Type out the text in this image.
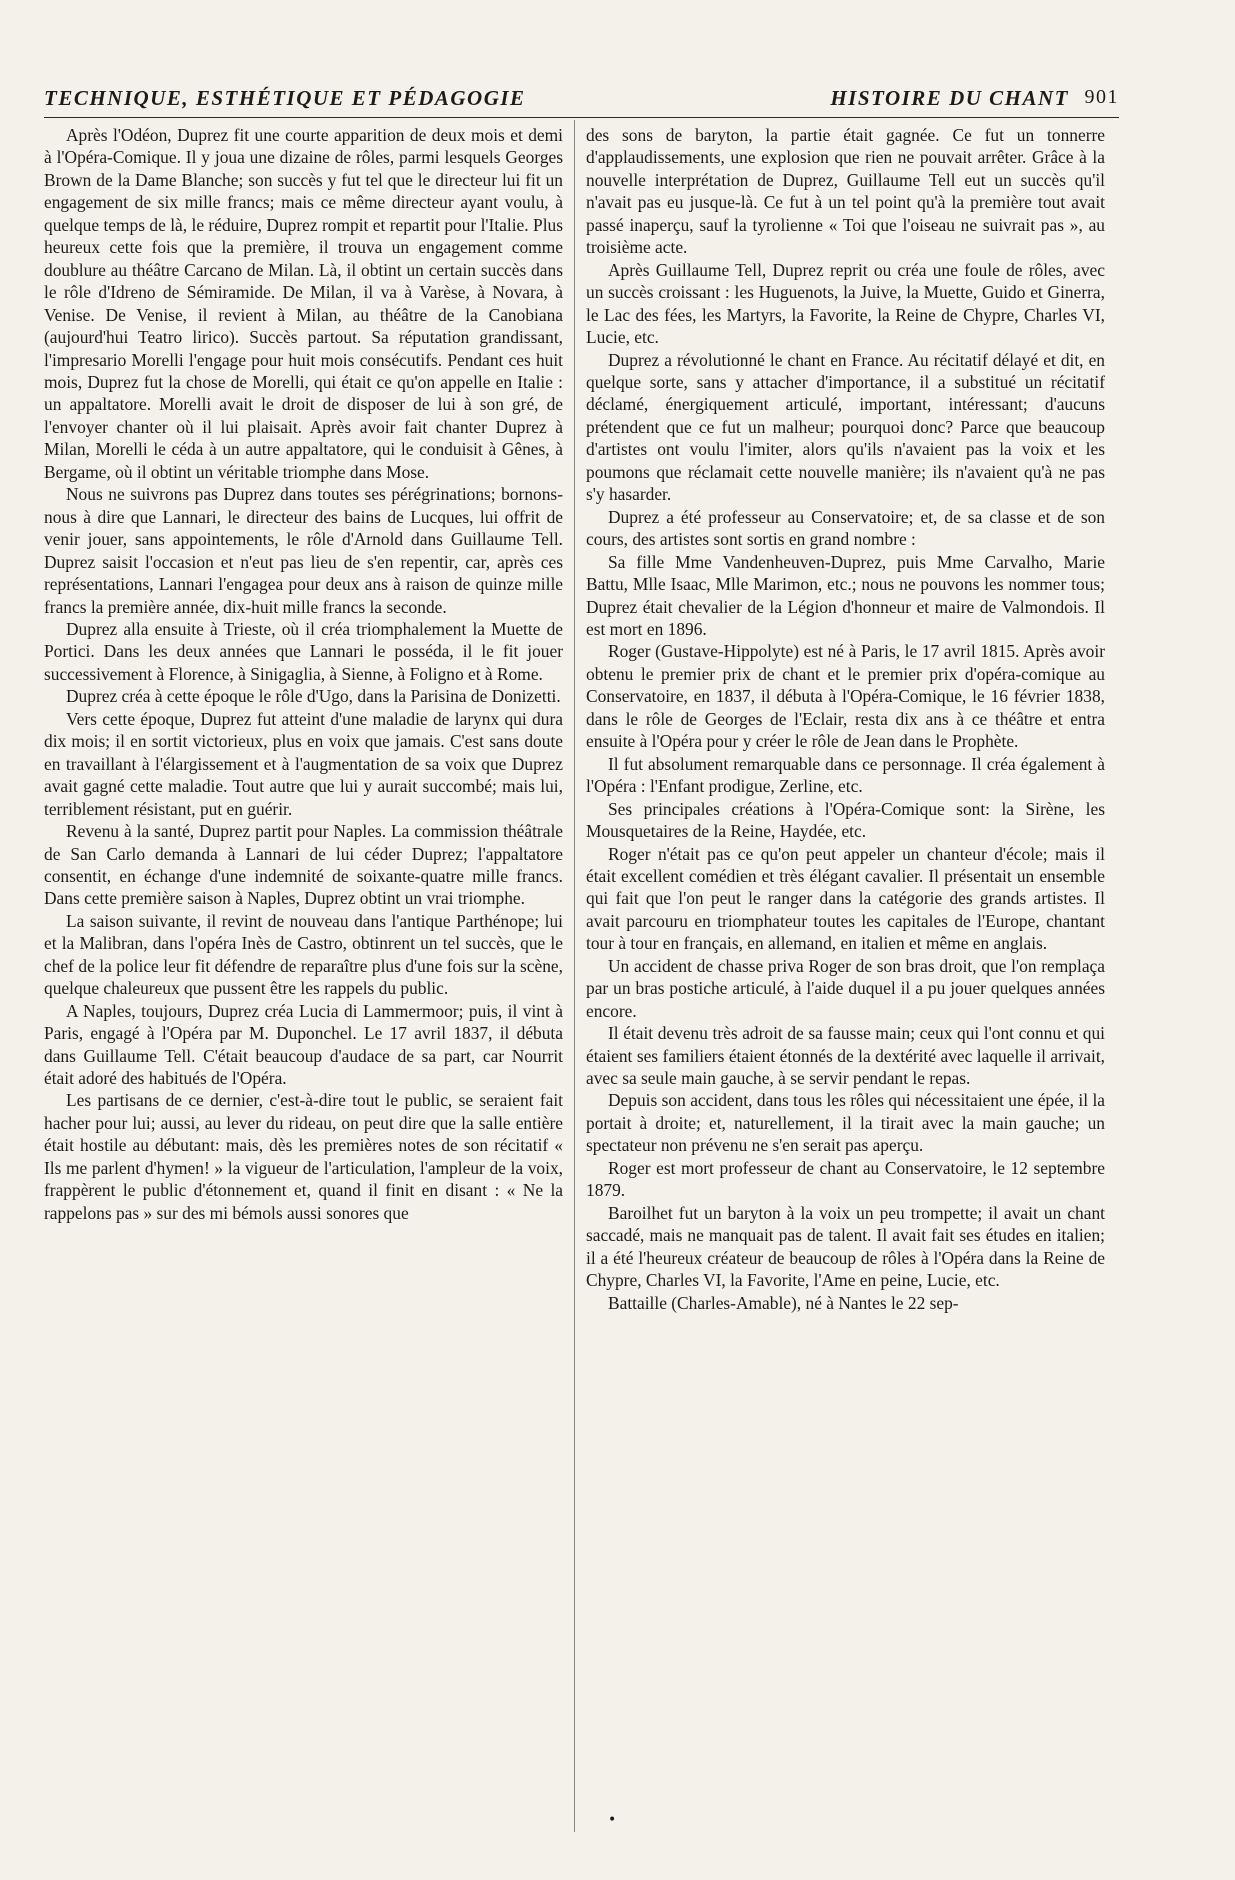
TECHNIQUE, ESTHÉTIQUE ET PÉDAGOGIE	HISTOIRE DU CHANT 901

Après l'Odéon, Duprez fit une courte apparition de deux mois et demi à l'Opéra-Comique. Il y joua une dizaine de rôles, parmi lesquels Georges Brown de la Dame Blanche; son succès y fut tel que le directeur lui fit un engagement de six mille francs; mais ce même directeur ayant voulu, à quelque temps de là, le réduire, Duprez rompit et repartit pour l'Italie. Plus heureux cette fois que la première, il trouva un engagement comme doublure au théâtre Carcano de Milan. Là, il obtint un certain succès dans le rôle d'Idreno de Sémiramide. De Milan, il va à Varèse, à Novara, à Venise. De Venise, il revient à Milan, au théâtre de la Canobiana (aujourd'hui Teatro lirico). Succès partout. Sa réputation grandissant, l'impresario Morelli l'engage pour huit mois consécutifs. Pendant ces huit mois, Duprez fut la chose de Morelli, qui était ce qu'on appelle en Italie : un appaltatore. Morelli avait le droit de disposer de lui à son gré, de l'envoyer chanter où il lui plaisait. Après avoir fait chanter Duprez à Milan, Morelli le céda à un autre appaltatore, qui le conduisit à Gênes, à Bergame, où il obtint un véritable triomphe dans Mose.

Nous ne suivrons pas Duprez dans toutes ses pérégrinations; bornons-nous à dire que Lannari, le directeur des bains de Lucques, lui offrit de venir jouer, sans appointements, le rôle d'Arnold dans Guillaume Tell. Duprez saisit l'occasion et n'eut pas lieu de s'en repentir, car, après ces représentations, Lannari l'engagea pour deux ans à raison de quinze mille francs la première année, dix-huit mille francs la seconde.

Duprez alla ensuite à Trieste, où il créa triomphalement la Muette de Portici. Dans les deux années que Lannari le posséda, il le fit jouer successivement à Florence, à Sinigaglia, à Sienne, à Foligno et à Rome.

Duprez créa à cette époque le rôle d'Ugo, dans la Parisina de Donizetti.

Vers cette époque, Duprez fut atteint d'une maladie de larynx qui dura dix mois; il en sortit victorieux, plus en voix que jamais. C'est sans doute en travaillant à l'élargissement et à l'augmentation de sa voix que Duprez avait gagné cette maladie. Tout autre que lui y aurait succombé; mais lui, terriblement résistant, put en guérir.

Revenu à la santé, Duprez partit pour Naples. La commission théâtrale de San Carlo demanda à Lannari de lui céder Duprez; l'appaltatore consentit, en échange d'une indemnité de soixante-quatre mille francs. Dans cette première saison à Naples, Duprez obtint un vrai triomphe.

La saison suivante, il revint de nouveau dans l'antique Parthénope; lui et la Malibran, dans l'opéra Inès de Castro, obtinrent un tel succès, que le chef de la police leur fit défendre de reparaître plus d'une fois sur la scène, quelque chaleureux que pussent être les rappels du public.

A Naples, toujours, Duprez créa Lucia di Lammermoor; puis, il vint à Paris, engagé à l'Opéra par M. Duponchel. Le 17 avril 1837, il débuta dans Guillaume Tell. C'était beaucoup d'audace de sa part, car Nourrit était adoré des habitués de l'Opéra.

Les partisans de ce dernier, c'est-à-dire tout le public, se seraient fait hacher pour lui; aussi, au lever du rideau, on peut dire que la salle entière était hostile au débutant: mais, dès les premières notes de son récitatif « Ils me parlent d'hymen! » la vigueur de l'articulation, l'ampleur de la voix, frappèrent le public d'étonnement et, quand il finit en disant : « Ne la rappelons pas » sur des mi bémols aussi sonores que

des sons de baryton, la partie était gagnée. Ce fut un tonnerre d'applaudissements, une explosion que rien ne pouvait arrêter. Grâce à la nouvelle interprétation de Duprez, Guillaume Tell eut un succès qu'il n'avait pas eu jusque-là. Ce fut à un tel point qu'à la première tout avait passé inaperçu, sauf la tyrolienne « Toi que l'oiseau ne suivrait pas », au troisième acte.

Après Guillaume Tell, Duprez reprit ou créa une foule de rôles, avec un succès croissant : les Huguenots, la Juive, la Muette, Guido et Ginerra, le Lac des fées, les Martyrs, la Favorite, la Reine de Chypre, Charles VI, Lucie, etc.

Duprez a révolutionné le chant en France. Au récitatif délayé et dit, en quelque sorte, sans y attacher d'importance, il a substitué un récitatif déclamé, énergiquement articulé, important, intéressant; d'aucuns prétendent que ce fut un malheur; pourquoi donc? Parce que beaucoup d'artistes ont voulu l'imiter, alors qu'ils n'avaient pas la voix et les poumons que réclamait cette nouvelle manière; ils n'avaient qu'à ne pas s'y hasarder.

Duprez a été professeur au Conservatoire; et, de sa classe et de son cours, des artistes sont sortis en grand nombre :

Sa fille Mme Vandenheuven-Duprez, puis Mme Carvalho, Marie Battu, Mlle Isaac, Mlle Marimon, etc.; nous ne pouvons les nommer tous; Duprez était chevalier de la Légion d'honneur et maire de Valmondois. Il est mort en 1896.

Roger (Gustave-Hippolyte) est né à Paris, le 17 avril 1815. Après avoir obtenu le premier prix de chant et le premier prix d'opéra-comique au Conservatoire, en 1837, il débuta à l'Opéra-Comique, le 16 février 1838, dans le rôle de Georges de l'Eclair, resta dix ans à ce théâtre et entra ensuite à l'Opéra pour y créer le rôle de Jean dans le Prophète.

Il fut absolument remarquable dans ce personnage. Il créa également à l'Opéra : l'Enfant prodigue, Zerline, etc.

Ses principales créations à l'Opéra-Comique sont: la Sirène, les Mousquetaires de la Reine, Haydée, etc.

Roger n'était pas ce qu'on peut appeler un chanteur d'école; mais il était excellent comédien et très élégant cavalier. Il présentait un ensemble qui fait que l'on peut le ranger dans la catégorie des grands artistes. Il avait parcouru en triomphateur toutes les capitales de l'Europe, chantant tour à tour en français, en allemand, en italien et même en anglais.

Un accident de chasse priva Roger de son bras droit, que l'on remplaça par un bras postiche articulé, à l'aide duquel il a pu jouer quelques années encore.

Il était devenu très adroit de sa fausse main; ceux qui l'ont connu et qui étaient ses familiers étaient étonnés de la dextérité avec laquelle il arrivait, avec sa seule main gauche, à se servir pendant le repas.

Depuis son accident, dans tous les rôles qui nécessitaient une épée, il la portait à droite; et, naturellement, il la tirait avec la main gauche; un spectateur non prévenu ne s'en serait pas aperçu.

Roger est mort professeur de chant au Conservatoire, le 12 septembre 1879.

Baroilhet fut un baryton à la voix un peu trompette; il avait un chant saccadé, mais ne manquait pas de talent. Il avait fait ses études en italien; il a été l'heureux créateur de beaucoup de rôles à l'Opéra dans la Reine de Chypre, Charles VI, la Favorite, l'Ame en peine, Lucie, etc.

Battaille (Charles-Amable), né à Nantes le 22 sep-

•
